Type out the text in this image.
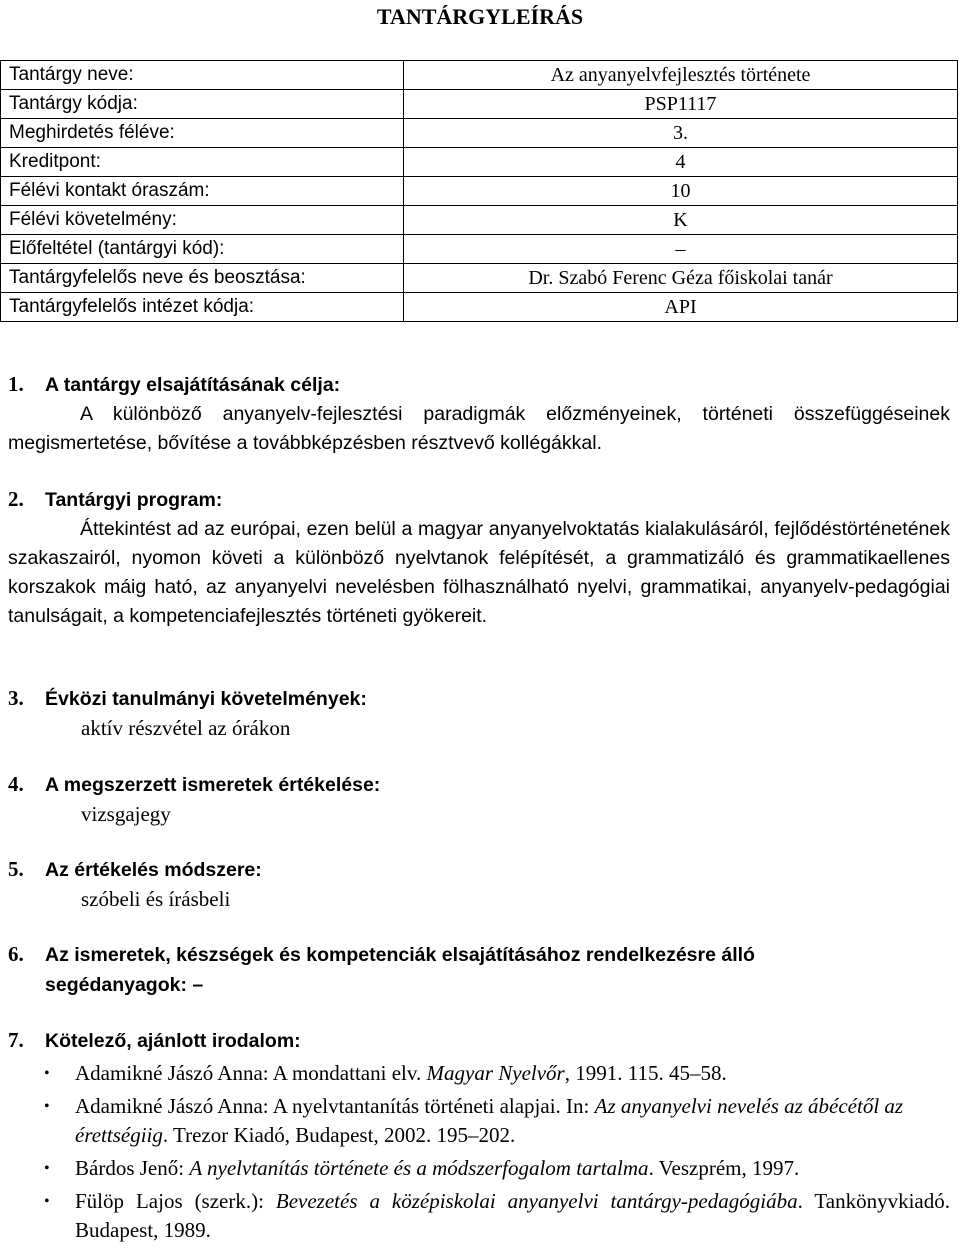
TANTÁRGYLEÍRÁS
Tantárgy neve:	Az anyanyelvfejlesztés története
Tantárgy kódja:	PSP1117
Meghirdetés féléve:	3.
Kreditpont:	4
Félévi kontakt óraszám:	10
Félévi követelmény:	K
Előfeltétel (tantárgyi kód):	–
Tantárgyfelelős neve és beosztása:	Dr. Szabó Ferenc Géza főiskolai tanár
Tantárgyfelelős intézet kódja:	API
1. A tantárgy elsajátításának célja:
A különböző anyanyelv-fejlesztési paradigmák előzményeinek, történeti összefüggéseinek megismertetése, bővítése a továbbképzésben résztvevő kollégákkal.
2. Tantárgyi program:
Áttekintést ad az európai, ezen belül a magyar anyanyelvoktatás kialakulásáról, fejlődéstörténetének szakaszairól, nyomon követi a különböző nyelvtanok felépítését, a grammatizáló és grammatikaellenes korszakok máig ható, az anyanyelvi nevelésben fölhasználható nyelvi, grammatikai, anyanyelv-pedagógiai tanulságait, a kompetenciafejlesztés történeti gyökereit.
3. Évközi tanulmányi követelmények:
aktív részvétel az órákon
4. A megszerzett ismeretek értékelése:
vizsgajegy
5. Az értékelés módszere:
szóbeli és írásbeli
6. Az ismeretek, készségek és kompetenciák elsajátításához rendelkezésre álló
segédanyagok: –
7. Kötelező, ajánlott irodalom:
• Adamikné Jászó Anna: A mondattani elv. Magyar Nyelvőr, 1991. 115. 45–58.
• Adamikné Jászó Anna: A nyelvtantanítás történeti alapjai. In: Az anyanyelvi nevelés az ábécétől az érettségiig. Trezor Kiadó, Budapest, 2002. 195–202.
• Bárdos Jenő: A nyelvtanítás története és a módszerfogalom tartalma. Veszprém, 1997.
• Fülöp Lajos (szerk.): Bevezetés a középiskolai anyanyelvi tantárgy-pedagógiába. Tankönyvkiadó. Budapest, 1989.
